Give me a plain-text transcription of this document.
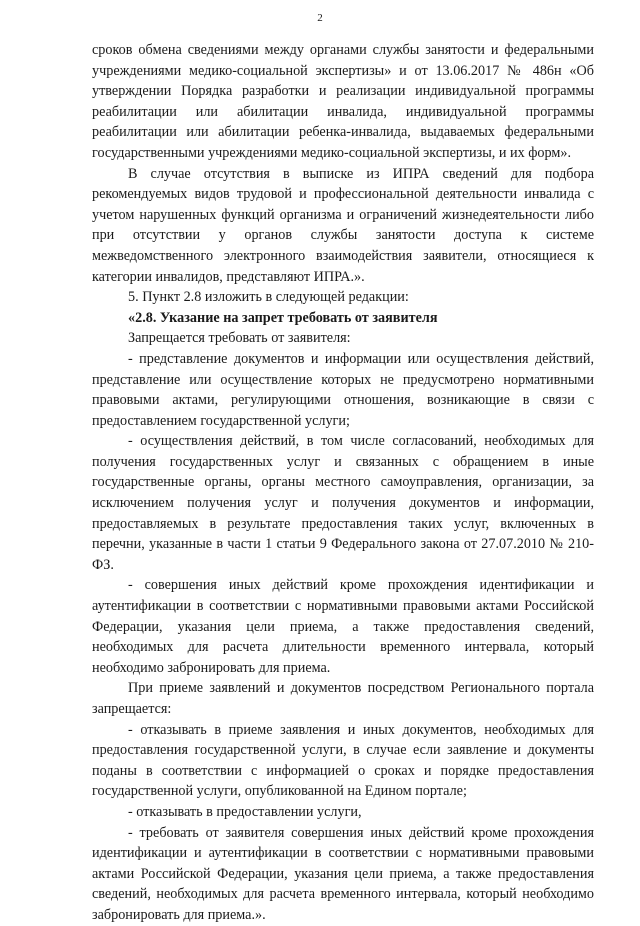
2

сроков обмена сведениями между органами службы занятости и федеральными учреждениями медико-социальной экспертизы» и от 13.06.2017 № 486н «Об утверждении Порядка разработки и реализации индивидуальной программы реабилитации или абилитации инвалида, индивидуальной программы реабилитации или абилитации ребенка-инвалида, выдаваемых федеральными государственными учреждениями медико-социальной экспертизы, и их форм».

В случае отсутствия в выписке из ИПРА сведений для подбора рекомендуемых видов трудовой и профессиональной деятельности инвалида с учетом нарушенных функций организма и ограничений жизнедеятельности либо при отсутствии у органов службы занятости доступа к системе межведомственного электронного взаимодействия заявители, относящиеся к категории инвалидов, представляют ИПРА.».

5. Пункт 2.8 изложить в следующей редакции:

«2.8. Указание на запрет требовать от заявителя

Запрещается требовать от заявителя:

- представление документов и информации или осуществления действий, представление или осуществление которых не предусмотрено нормативными правовыми актами, регулирующими отношения, возникающие в связи с предоставлением государственной услуги;

- осуществления действий, в том числе согласований, необходимых для получения государственных услуг и связанных с обращением в иные государственные органы, органы местного самоуправления, организации, за исключением получения услуг и получения документов и информации, предоставляемых в результате предоставления таких услуг, включенных в перечни, указанные в части 1 статьи 9 Федерального закона от 27.07.2010 № 210-ФЗ.

- совершения иных действий кроме прохождения идентификации и аутентификации в соответствии с нормативными правовыми актами Российской Федерации, указания цели приема, а также предоставления сведений, необходимых для расчета длительности временного интервала, который необходимо забронировать для приема.

При приеме заявлений и документов посредством Регионального портала запрещается:

- отказывать в приеме заявления и иных документов, необходимых для предоставления государственной услуги, в случае если заявление и документы поданы в соответствии с информацией о сроках и порядке предоставления государственной услуги, опубликованной на Едином портале;

- отказывать в предоставлении услуги,

- требовать от заявителя совершения иных действий кроме прохождения идентификации и аутентификации в соответствии с нормативными правовыми актами Российской Федерации, указания цели приема, а также предоставления сведений, необходимых для расчета временного интервала, который необходимо забронировать для приема.».
